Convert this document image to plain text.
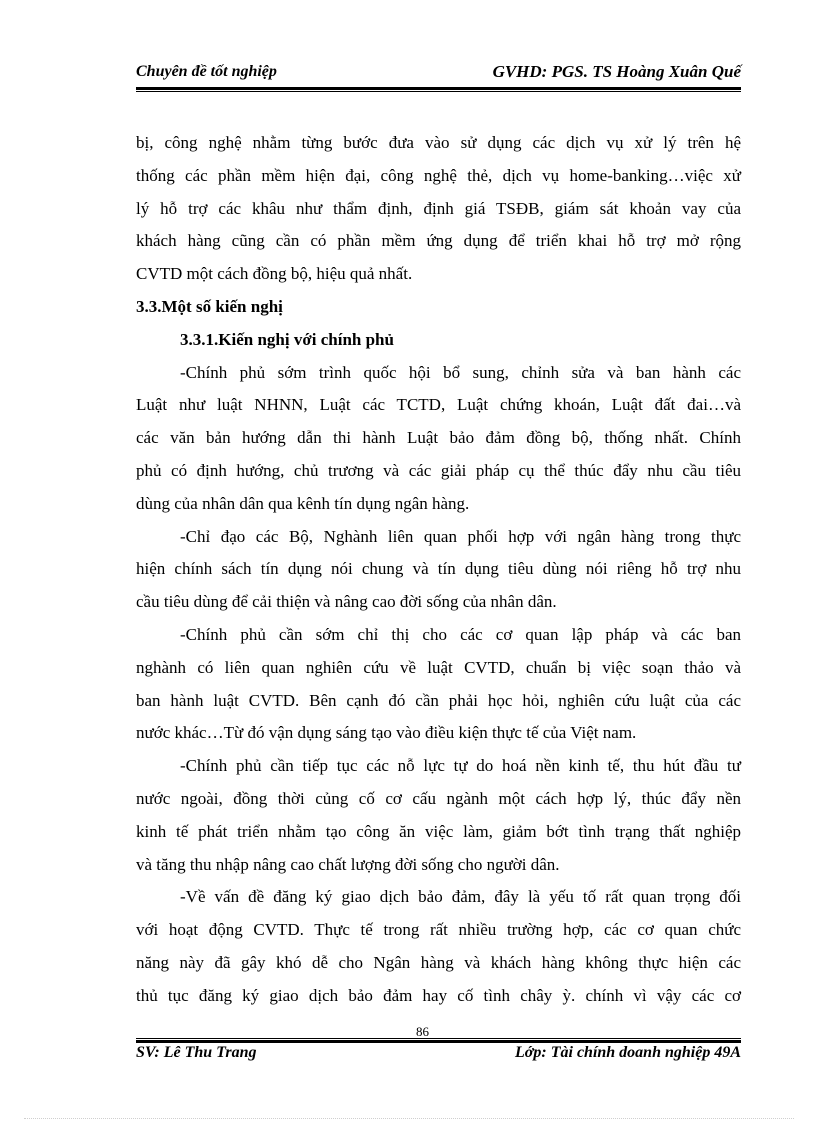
Chuyên đề tốt nghiệp	GVHD: PGS. TS Hoàng Xuân Quế
bị, công nghệ nhằm từng bước đưa vào sử dụng các dịch vụ xử lý trên hệ
thống các phần mềm hiện đại, công nghệ thẻ, dịch vụ home-banking…việc xử
lý hỗ trợ các khâu như thẩm định, định giá TSĐB, giám sát khoản vay của
khách hàng cũng cần có phần mềm ứng dụng để triển khai hỗ trợ mở rộng
CVTD một cách đồng bộ, hiệu quả nhất.
3.3.Một số kiến nghị
3.3.1.Kiến nghị với chính phủ
-Chính phủ sớm trình quốc hội bổ sung, chỉnh sửa và ban hành các
Luật như luật NHNN, Luật các TCTD, Luật chứng khoán, Luật đất đai…và
các văn bản hướng dẫn thi hành Luật bảo đảm đồng bộ, thống nhất. Chính
phủ có định hướng, chủ trương và các giải pháp cụ thể thúc đẩy nhu cầu tiêu
dùng của nhân dân qua kênh tín dụng ngân hàng.
-Chỉ đạo các Bộ, Nghành liên quan phối hợp với ngân hàng trong thực
hiện chính sách tín dụng nói chung và tín dụng tiêu dùng nói riêng hỗ trợ nhu
cầu tiêu dùng để cải thiện và nâng cao đời sống của nhân dân.
-Chính phủ cần sớm chỉ thị cho các cơ quan lập pháp và các ban
nghành có liên quan nghiên cứu về luật CVTD, chuẩn bị việc soạn thảo và
ban hành luật CVTD. Bên cạnh đó cần phải học hỏi, nghiên cứu luật của các
nước khác…Từ đó vận dụng sáng tạo vào điều kiện thực tế của Việt nam.
-Chính phủ cần tiếp tục các nỗ lực tự do hoá nền kinh tế, thu hút đầu tư
nước ngoài, đồng thời củng cố cơ cấu ngành một cách hợp lý, thúc đẩy nền
kinh tế phát triển nhằm tạo công ăn việc làm, giảm bớt tình trạng thất nghiệp
và tăng thu nhập nâng cao chất lượng đời sống cho người dân.
-Về vấn đề đăng ký giao dịch bảo đảm, đây là yếu tố rất quan trọng đối
với hoạt động CVTD. Thực tế trong rất nhiều trường hợp, các cơ quan chức
năng này đã gây khó dễ cho Ngân hàng và khách hàng không thực hiện các
thủ tục đăng ký giao dịch bảo đảm hay cố tình chây ỳ. chính vì vậy các cơ
86
SV: Lê Thu Trang	Lớp: Tài chính doanh nghiệp 49A
